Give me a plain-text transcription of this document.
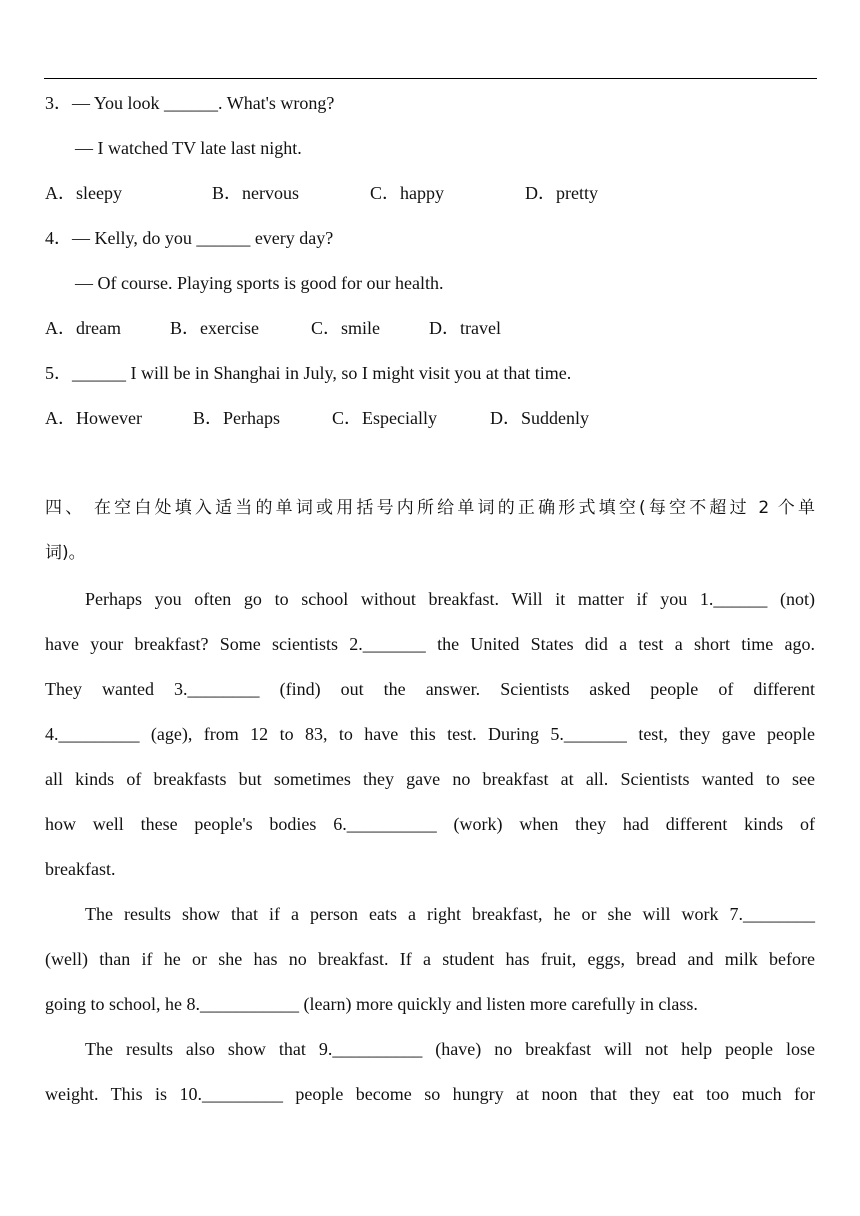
3．— You look ______. What's wrong?
— I watched TV late last night.
A．sleepy	B．nervous	C．happy	D．pretty
4．— Kelly, do you ______ every day?
— Of course. Playing sports is good for our health.
A．dream	B．exercise	C．smile	D．travel
5．______ I will be in Shanghai in July, so I might visit you at that time.
A．However	B．Perhaps	C．Especially	D．Suddenly
四、 在空白处填入适当的单词或用括号内所给单词的正确形式填空(每空不超过 2 个单
词)。
Perhaps you often go to school without breakfast. Will it matter if you 1.______ (not)
have your breakfast? Some scientists 2._______ the United States did a test a short time ago.
They wanted 3.________ (find) out the answer. Scientists asked people of different
4._________ (age), from 12 to 83, to have this test. During 5._______ test, they gave people
all kinds of breakfasts but sometimes they gave no breakfast at all. Scientists wanted to see
how well these people's bodies 6.__________ (work) when they had different kinds of
breakfast.
The results show that if a person eats a right breakfast, he or she will work 7.________
(well) than if he or she has no breakfast. If a student has fruit, eggs, bread and milk before
going to school, he 8.___________ (learn) more quickly and listen more carefully in class.
The results also show that 9.__________ (have) no breakfast will not help people lose
weight. This is 10._________ people become so hungry at noon that they eat too much for
